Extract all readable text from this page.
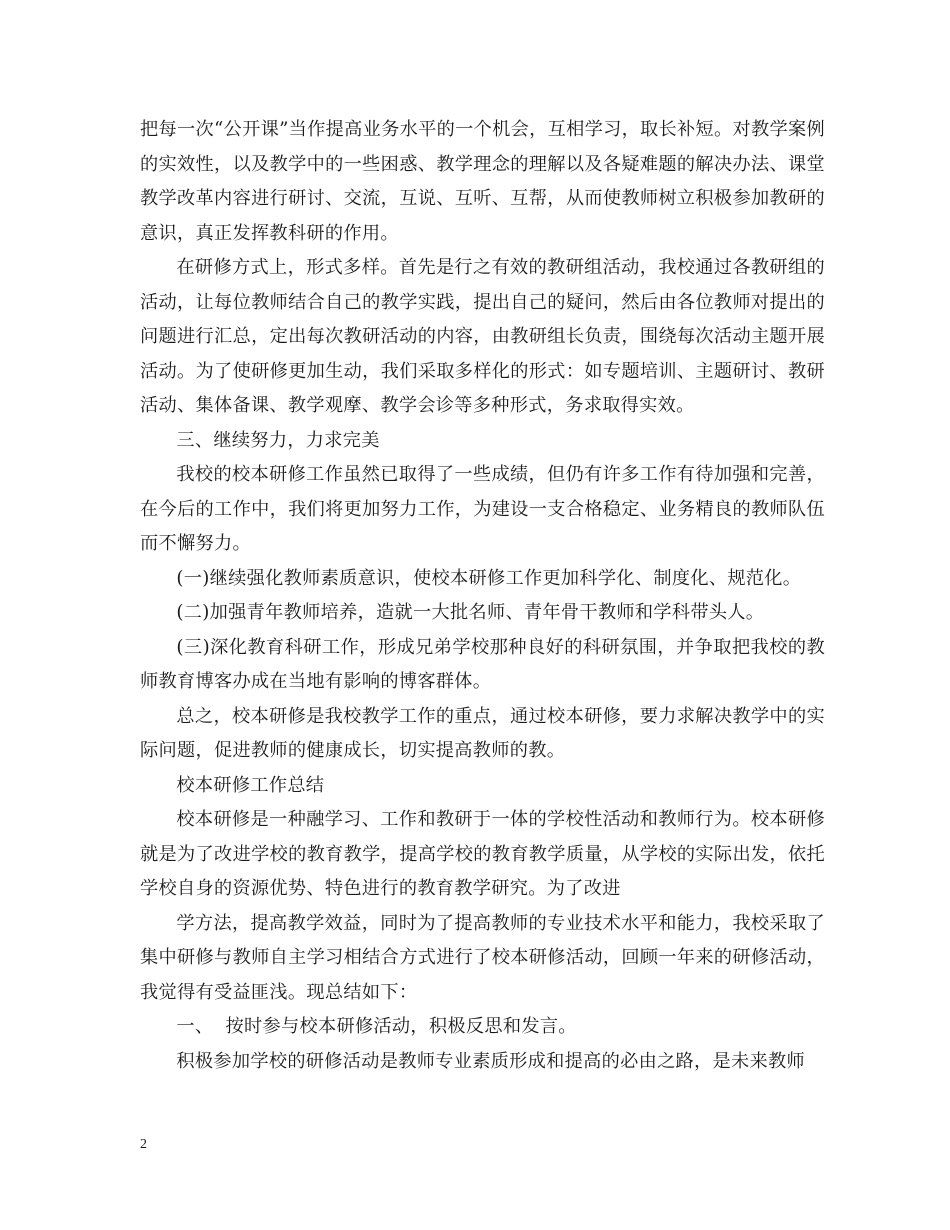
把每一次“公开课”当作提高业务水平的一个机会，互相学习，取长补短。对教学案例的实效性，以及教学中的一些困惑、教学理念的理解以及各疑难题的解决办法、课堂教学改革内容进行研讨、交流，互说、互听、互帮，从而使教师树立积极参加教研的意识，真正发挥教科研的作用。

在研修方式上，形式多样。首先是行之有效的教研组活动，我校通过各教研组的活动，让每位教师结合自己的教学实践，提出自己的疑问，然后由各位教师对提出的问题进行汇总，定出每次教研活动的内容，由教研组长负责，围绕每次活动主题开展活动。为了使研修更加生动，我们采取多样化的形式：如专题培训、主题研讨、教研活动、集体备课、教学观摩、教学会诊等多种形式，务求取得实效。

三、继续努力，力求完美

我校的校本研修工作虽然已取得了一些成绩，但仍有许多工作有待加强和完善，在今后的工作中，我们将更加努力工作，为建设一支合格稳定、业务精良的教师队伍而不懈努力。

(一)继续强化教师素质意识，使校本研修工作更加科学化、制度化、规范化。

(二)加强青年教师培养，造就一大批名师、青年骨干教师和学科带头人。

(三)深化教育科研工作，形成兄弟学校那种良好的科研氛围，并争取把我校的教师教育博客办成在当地有影响的博客群体。

总之，校本研修是我校教学工作的重点，通过校本研修，要力求解决教学中的实际问题，促进教师的健康成长，切实提高教师的教。

校本研修工作总结

校本研修是一种融学习、工作和教研于一体的学校性活动和教师行为。校本研修就是为了改进学校的教育教学，提高学校的教育教学质量，从学校的实际出发，依托学校自身的资源优势、特色进行的教育教学研究。为了改进

学方法，提高教学效益，同时为了提高教师的专业技术水平和能力，我校采取了集中研修与教师自主学习相结合方式进行了校本研修活动，回顾一年来的研修活动，我觉得有受益匪浅。现总结如下：

一、  按时参与校本研修活动，积极反思和发言。

积极参加学校的研修活动是教师专业素质形成和提高的必由之路，是未来教师

2
